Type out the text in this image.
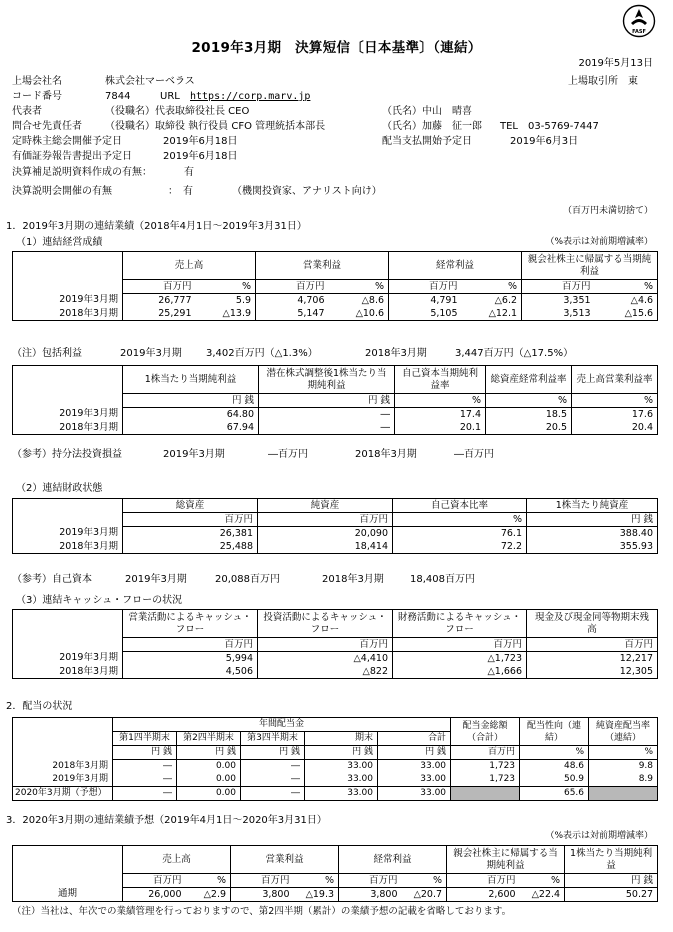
FASF
2019年3月期　決算短信〔日本基準〕（連結）
2019年5月13日
上場会社名	株式会社マーベラス	上場取引所　東
コード番号	7844	URL https://corp.marv.jp
代表者	（役職名）代表取締役社長 CEO	（氏名）中山　晴喜
問合せ先責任者 （役職名）取締役 執行役員 CFO 管理統括本部長	（氏名）加藤　征一郎 TEL　03-5769-7447
定時株主総会開催予定日	2019年6月18日	配当支払開始予定日	2019年6月3日
有価証券報告書提出予定日	2019年6月18日
決算補足説明資料作成の有無：	有
決算説明会開催の有無	：　有	（機関投資家、アナリスト向け）
（百万円未満切捨て）
1．2019年3月期の連結業績（2018年4月1日～2019年3月31日）
（1）連結経営成績	（%表示は対前期増減率）
	売上高		営業利益		経常利益		親会社株主に帰属する当期純利益	
	百万円	%	百万円	%	百万円	%	百万円	%
2019年3月期	26,777	5.9	4,706	△8.6	4,791	△6.2	3,351	△4.6
2018年3月期	25,291	△13.9	5,147	△10.6	5,105	△12.1	3,513	△15.6
（注）包括利益	2019年3月期 3,402百万円（△1.3%）	2018年3月期	3,447百万円（△17.5%）
	1株当たり当期純利益	潜在株式調整後1株当たり当期純利益	自己資本当期純利益率	総資産経常利益率	売上高営業利益率
	円 銭	円 銭	%	%	%
2019年3月期	64.80	―	17.4	18.5	17.6
2018年3月期	67.94	―	20.1	20.5	20.4
（参考）持分法投資損益	2019年3月期	―百万円	2018年3月期	―百万円
（2）連結財政状態
	総資産	純資産	自己資本比率	1株当たり純資産
	百万円	百万円	%	円 銭
2019年3月期	26,381	20,090	76.1	388.40
2018年3月期	25,488	18,414	72.2	355.93
（参考）自己資本	2019年3月期	20,088百万円	2018年3月期	18,408百万円
（3）連結キャッシュ・フローの状況
	営業活動によるキャッシュ・フロー	投資活動によるキャッシュ・フロー	財務活動によるキャッシュ・フロー	現金及び現金同等物期末残高
	百万円	百万円	百万円	百万円
2019年3月期	5,994	△4,410	△1,723	12,217
2018年3月期	4,506	△822	△1,666	12,305
2．配当の状況
	年間配当金					配当金総額（合計）	配当性向（連結）	純資産配当率（連結）
	第1四半期末	第2四半期末	第3四半期末	期末	合計			
	円 銭	円 銭	円 銭	円 銭	円 銭	百万円	%	%
2018年3月期	―	0.00	―	33.00	33.00	1,723	48.6	9.8
2019年3月期	―	0.00	―	33.00	33.00	1,723	50.9	8.9
2020年3月期（予想）	―	0.00	―	33.00	33.00		65.6	
3．2020年3月期の連結業績予想（2019年4月1日～2020年3月31日）
（%表示は対前期増減率）
	売上高		営業利益		経常利益		親会社株主に帰属する当期純利益		1株当たり当期純利益
	百万円	%	百万円	%	百万円	%	百万円	%	円 銭
通期	26,000	△2.9	3,800	△19.3	3,800	△20.7	2,600	△22.4	50.27
（注）当社は、年次での業績管理を行っておりますので、第2四半期（累計）の業績予想の記載を省略しております。
